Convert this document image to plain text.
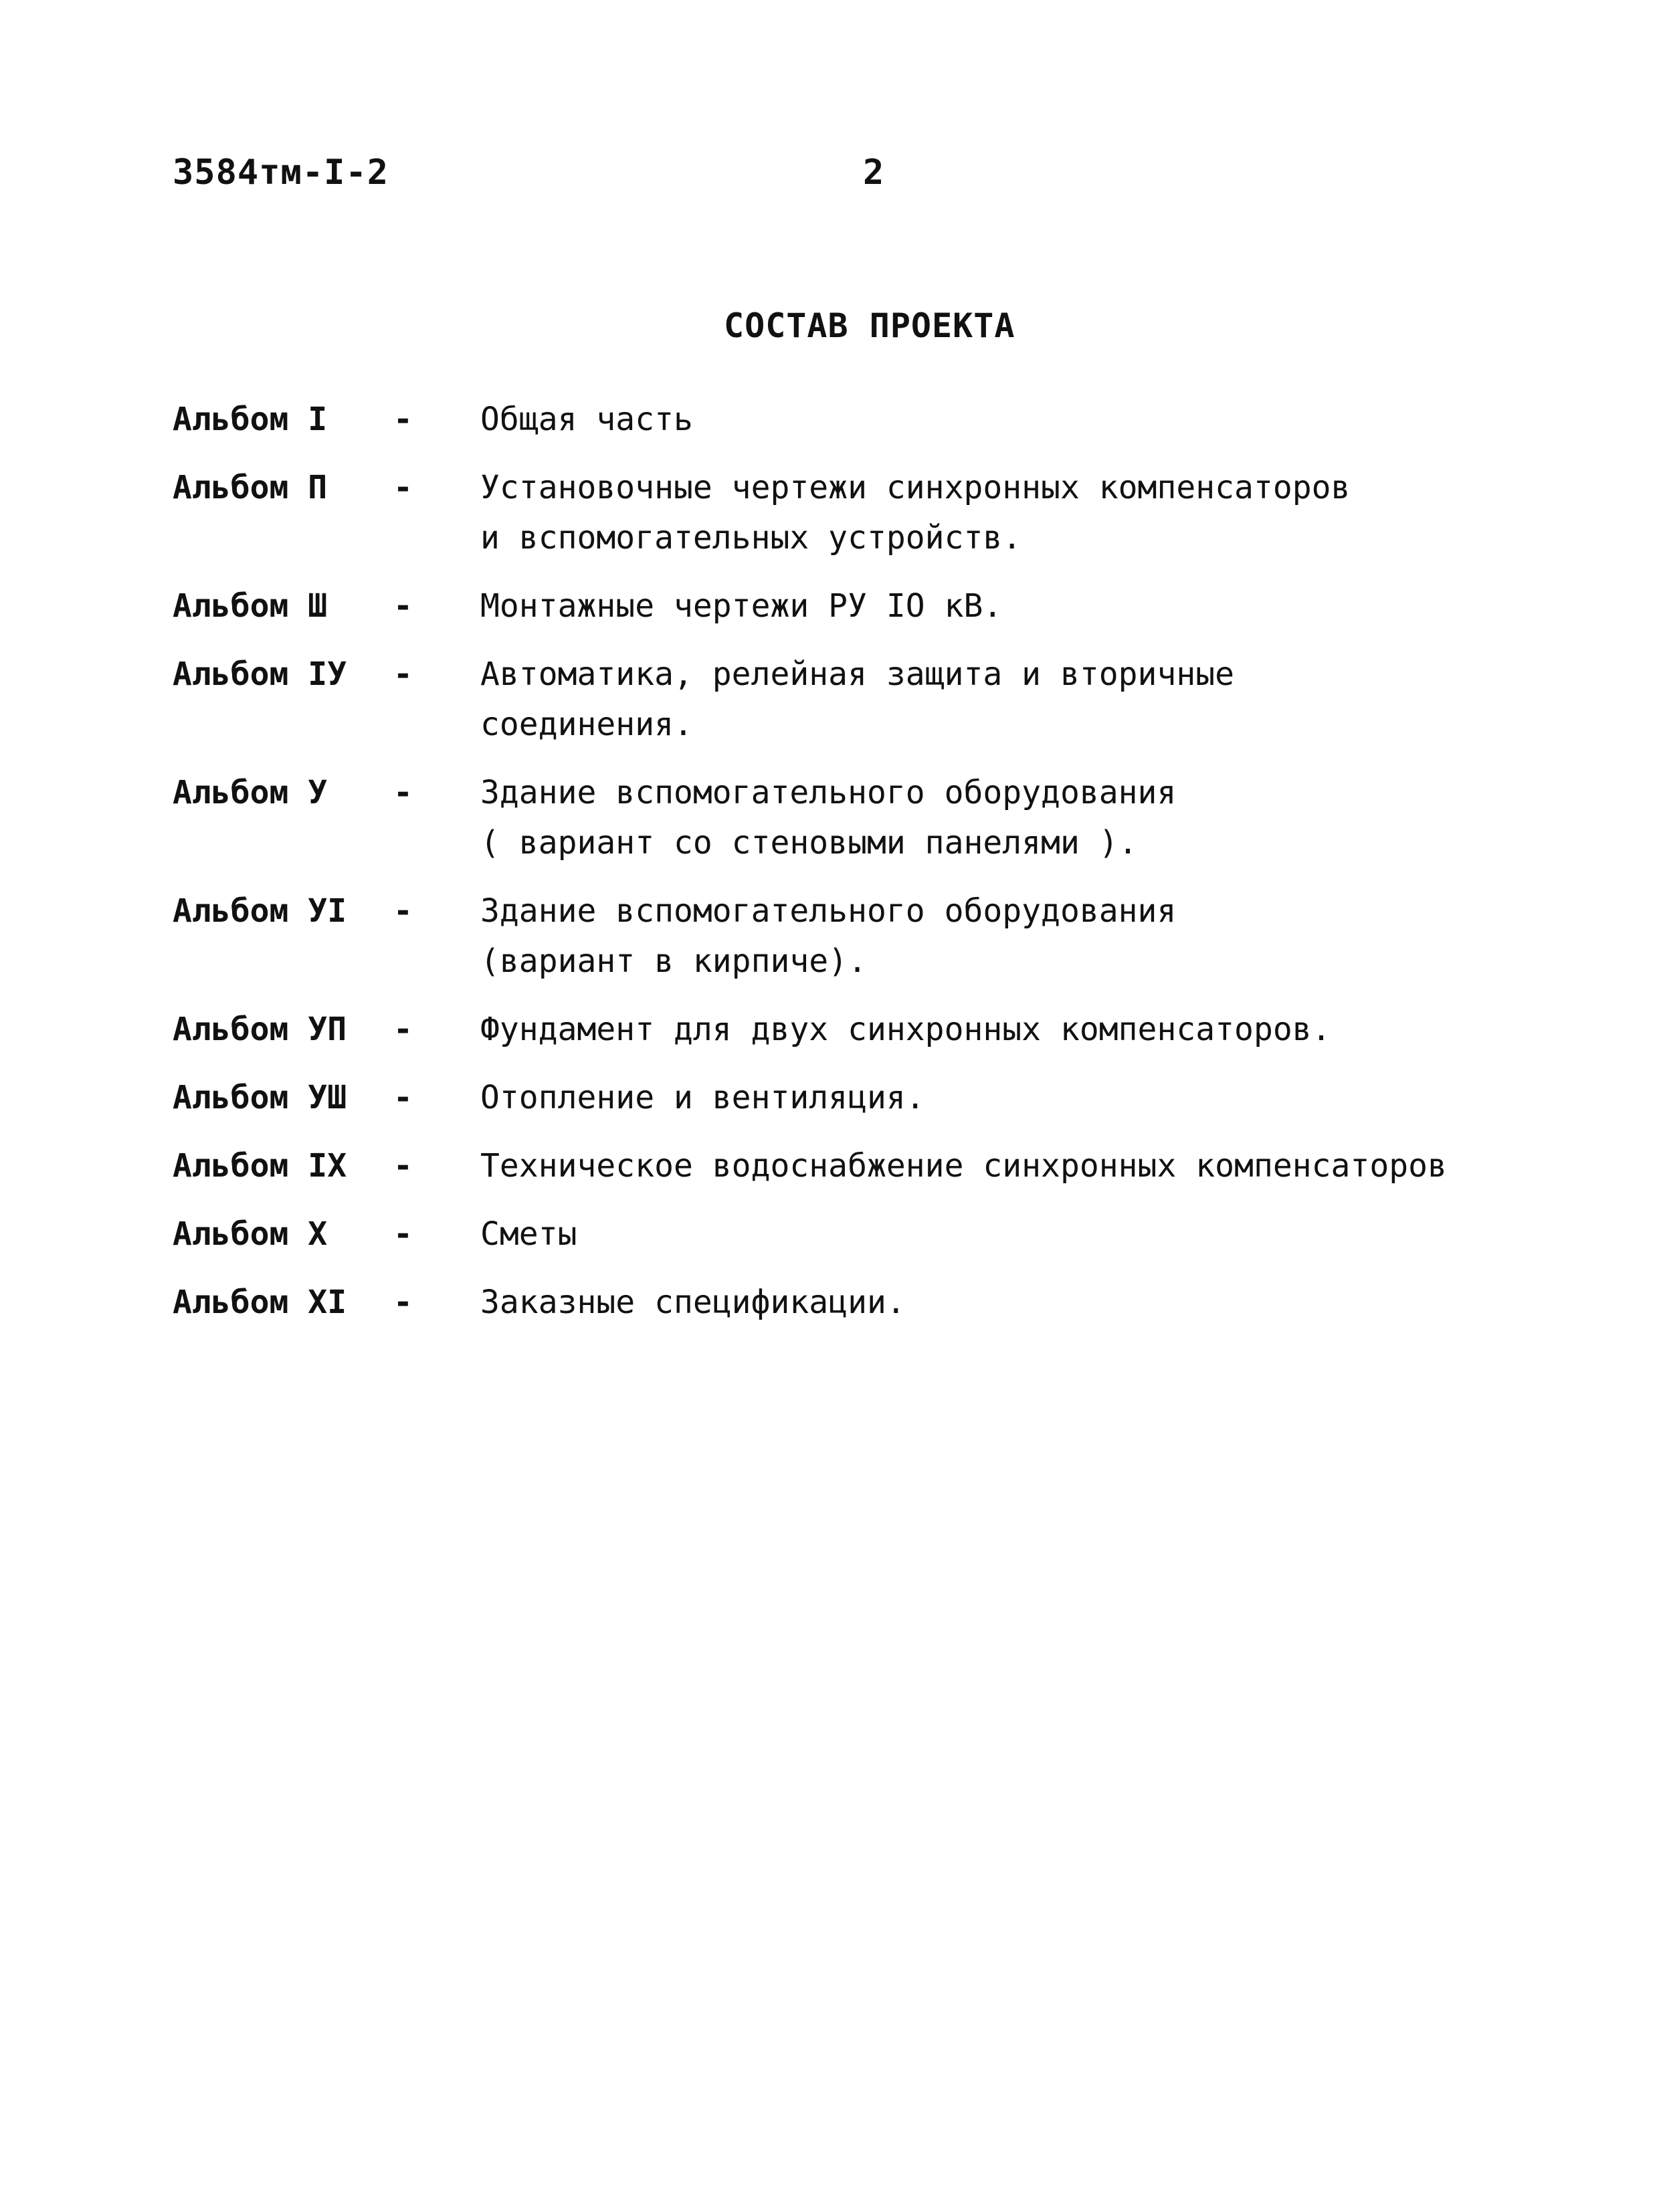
3584тм-I-2	2
СОСТАВ ПРОЕКТА
Альбом I	-	Общая часть
Альбом П	-	Установочные чертежи синхронных компенсаторов
и вспомогательных устройств.
Альбом Ш	-	Монтажные чертежи РУ IO кВ.
Альбом IУ	-	Автоматика, релейная защита и вторичные
соединения.
Альбом У	-	Здание вспомогательного оборудования
( вариант со стеновыми панелями ).
Альбом УI	-	Здание вспомогательного оборудования
(вариант в кирпиче).
Альбом УП	-	Фундамент для двух синхронных компенсаторов.
Альбом УШ	-	Отопление и вентиляция.
Альбом IX	-	Техническое водоснабжение синхронных компенсаторов
Альбом X	-	Сметы
Альбом XI	-	Заказные спецификации.
